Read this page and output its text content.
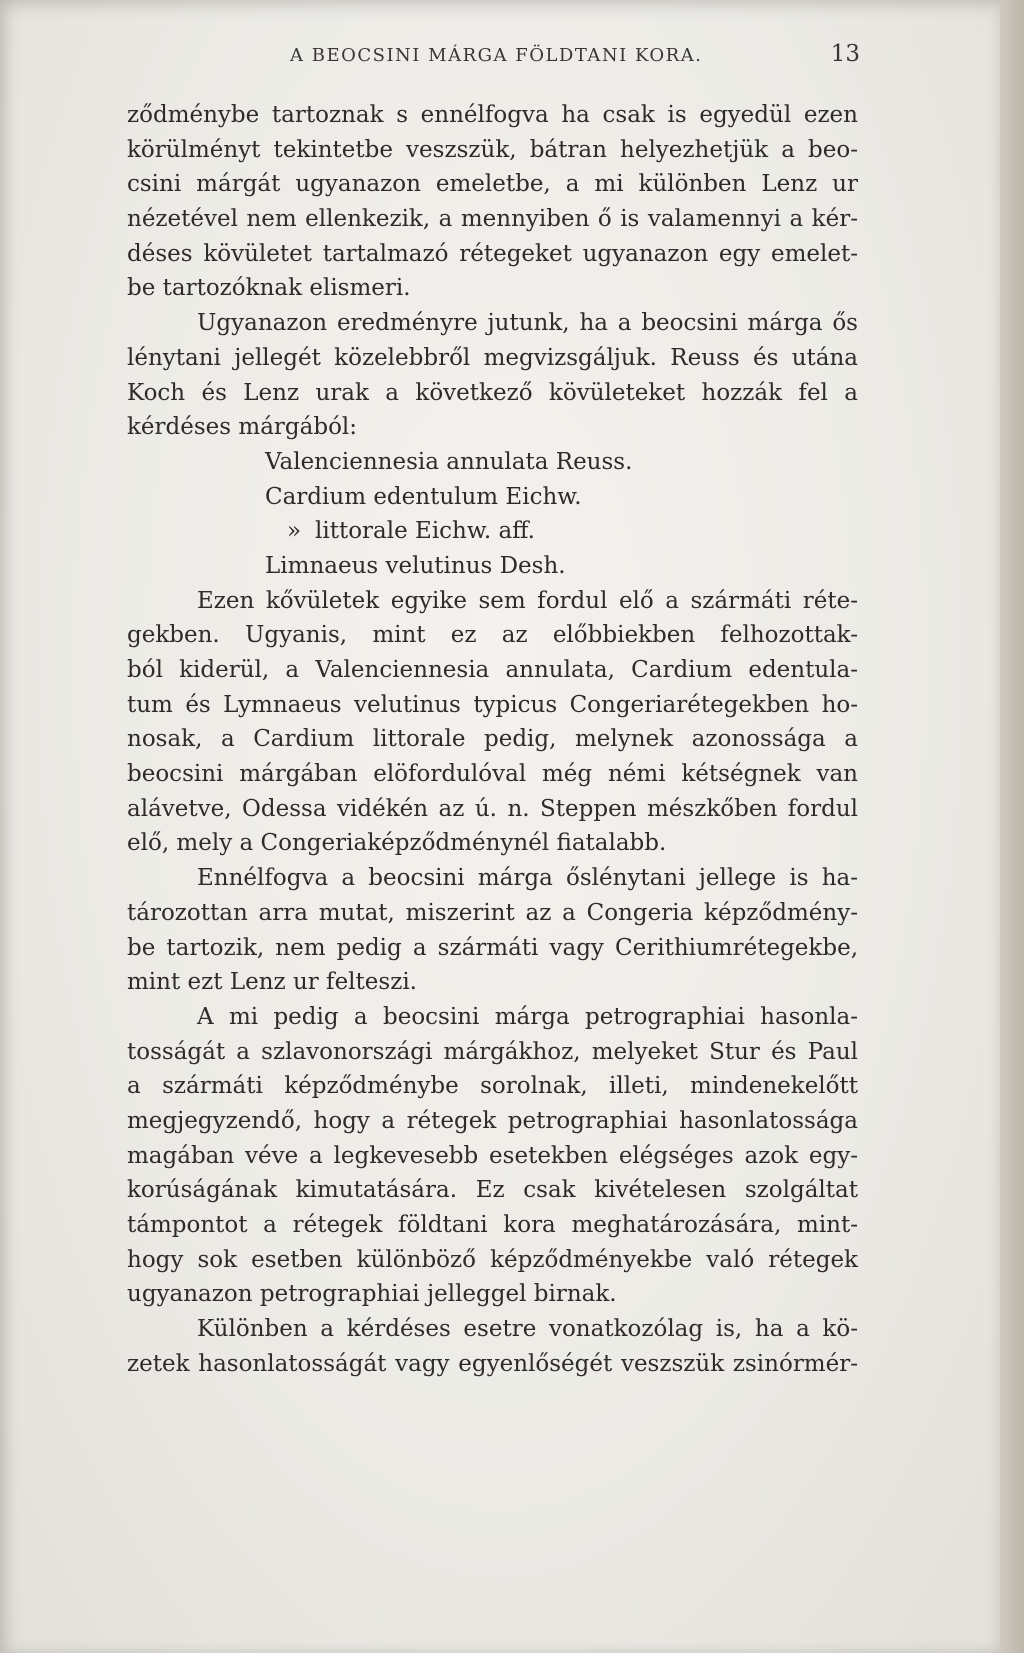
A BEOCSINI MÁRGA FÖLDTANI KORA.	13
ződménybe tartoznak s ennélfogva ha csak is egyedül ezen
körülményt tekintetbe veszszük, bátran helyezhetjük a beo-
csini márgát ugyanazon emeletbe, a mi különben Lenz ur
nézetével nem ellenkezik, a mennyiben ő is valamennyi a kér-
déses kövületet tartalmazó rétegeket ugyanazon egy emelet-
be tartozóknak elismeri.
Ugyanazon eredményre jutunk, ha a beocsini márga ős
lénytani jellegét közelebbről megvizsgáljuk. Reuss és utána
Koch és Lenz urak a következő kövületeket hozzák fel a
kérdéses márgából:
Valenciennesia annulata Reuss.
Cardium edentulum Eichw.
» littorale Eichw. aff.
Limnaeus velutinus Desh.
Ezen kővületek egyike sem fordul elő a szármáti réte-
gekben. Ugyanis, mint ez az előbbiekben felhozottak-
ból kiderül, a Valenciennesia annulata, Cardium edentula-
tum és Lymnaeus velutinus typicus Congeriarétegekben ho-
nosak, a Cardium littorale pedig, melynek azonossága a
beocsini márgában elöfordulóval még némi kétségnek van
alávetve, Odessa vidékén az ú. n. Steppen mészkőben fordul
elő, mely a Congeriaképződménynél fiatalabb.
Ennélfogva a beocsini márga őslénytani jellege is ha-
tározottan arra mutat, miszerint az a Congeria képződmény-
be tartozik, nem pedig a szármáti vagy Cerithiumrétegekbe,
mint ezt Lenz ur felteszi.
A mi pedig a beocsini márga petrographiai hasonla-
tosságát a szlavonországi márgákhoz, melyeket Stur és Paul
a szármáti képződménybe sorolnak, illeti, mindenekelőtt
megjegyzendő, hogy a rétegek petrographiai hasonlatossága
magában véve a legkevesebb esetekben elégséges azok egy-
korúságának kimutatására. Ez csak kivételesen szolgáltat
támpontot a rétegek földtani kora meghatározására, mint-
hogy sok esetben különböző képződményekbe való rétegek
ugyanazon petrographiai jelleggel birnak.
Különben a kérdéses esetre vonatkozólag is, ha a kö-
zetek hasonlatosságát vagy egyenlőségét veszszük zsinórmér-
